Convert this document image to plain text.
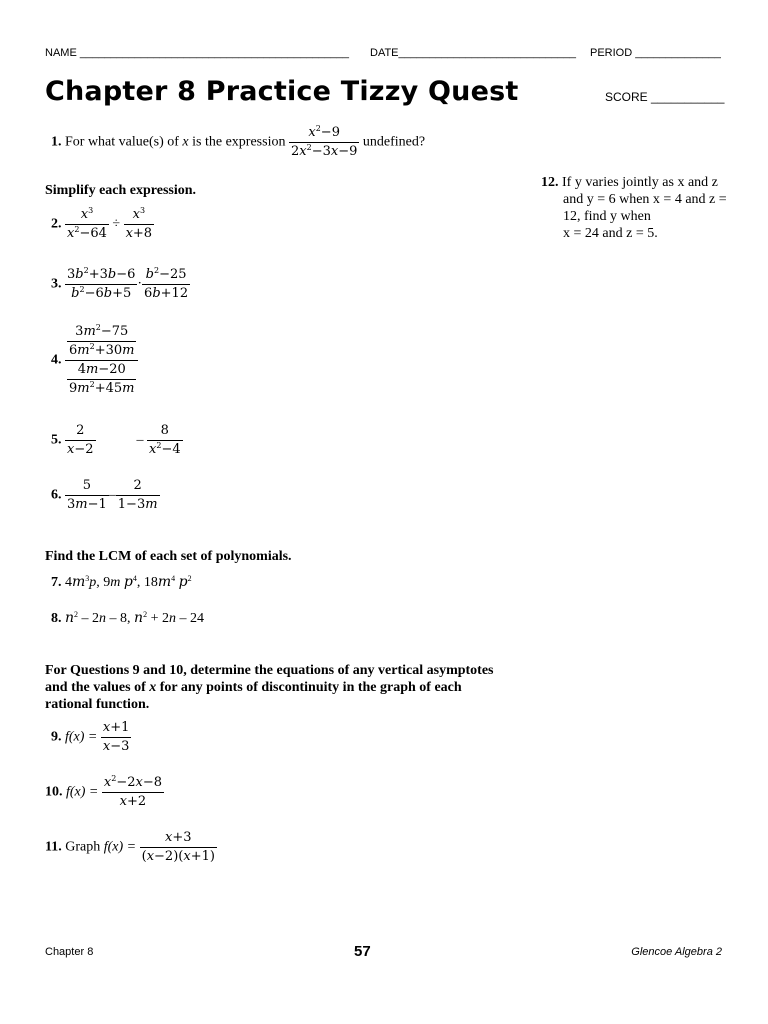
NAME ____________________________________________ DATE_____________________________ PERIOD ______________
Chapter 8 Practice Tizzy Quest	SCORE ___________
1. For what value(s) of x is the expression $\frac{x^2-9}{2x^2-3x-9}$ undefined?
Simplify each expression.
2. $\frac{x^3}{x^2-64} \div \frac{x^3}{x+8}$
3. $\frac{3b^2+3b-6}{b^2-6b+5} \cdot \frac{b^2-25}{6b+12}$
4. $\frac{\frac{3m^2-75}{6m^2+30m}}{\frac{4m-20}{9m^2+45m}}$
5. $\frac{2}{x-2}$	– $\frac{8}{x^2-4}$
6. $\frac{5}{3m-1} - \frac{2}{1-3m}$
Find the LCM of each set of polynomials.
7. $4m^3p$, 9m $p^4$, $18m^4$ $p^2$
8. $n^2 - 2n - 8$, $n^2 + 2n - 24$
For Questions 9 and 10, determine the equations of any vertical asymptotes
and the values of x for any points of discontinuity in the graph of each
rational function.
9. $f(x) = \frac{x+1}{x-3}$
10. $f(x) = \frac{x^2-2x-8}{x+2}$
11. Graph $f(x) = \frac{x+3}{(x-2)(x+1)}$
12. If y varies jointly as x and z
and y = 6 when x = 4 and z =
12, find y when
x = 24 and z = 5.
Chapter 8	57	Glencoe Algebra 2
